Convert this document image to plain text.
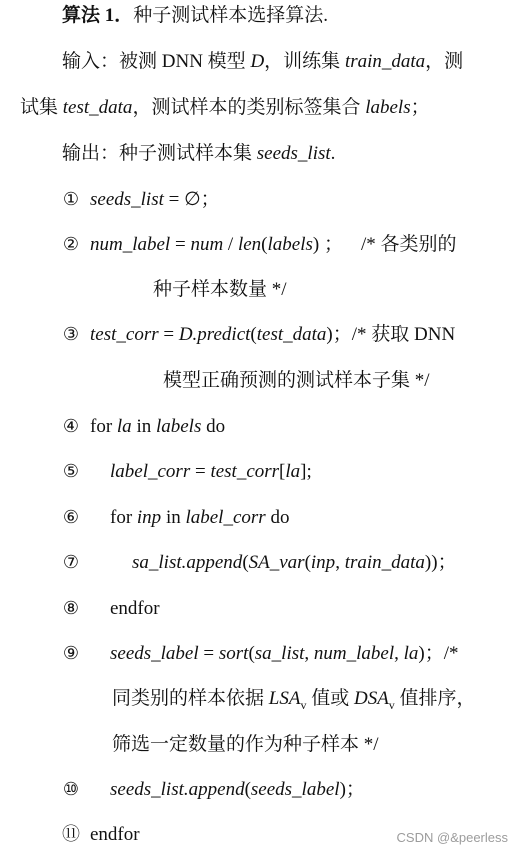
算法 1．种子测试样本选择算法.
输入：被测 DNN 模型 D，训练集 train_data，测
试集 test_data，测试样本的类别标签集合 labels；
输出：种子测试样本集 seeds_list.
① seeds_list = ∅；
② num_label = num / len(labels) ； /* 各类别的
种子样本数量 */
③ test_corr = D.predict(test_data)；/* 获取 DNN
模型正确预测的测试样本子集 */
④ for la in labels do
⑤ label_corr = test_corr[la];
⑥ for inp in label_corr do
⑦	sa_list.append(SA_var(inp, train_data))；
⑧ endfor
⑨ seeds_label = sort(sa_list, num_label, la)；/*
同类别的样本依据 $LSA_v$ 值或 $DSA_v$ 值排序，
筛选一定数量的作为种子样本 */
⑩ seeds_list.append(seeds_label)；
⑪ endfor	CSDN @&peerless
